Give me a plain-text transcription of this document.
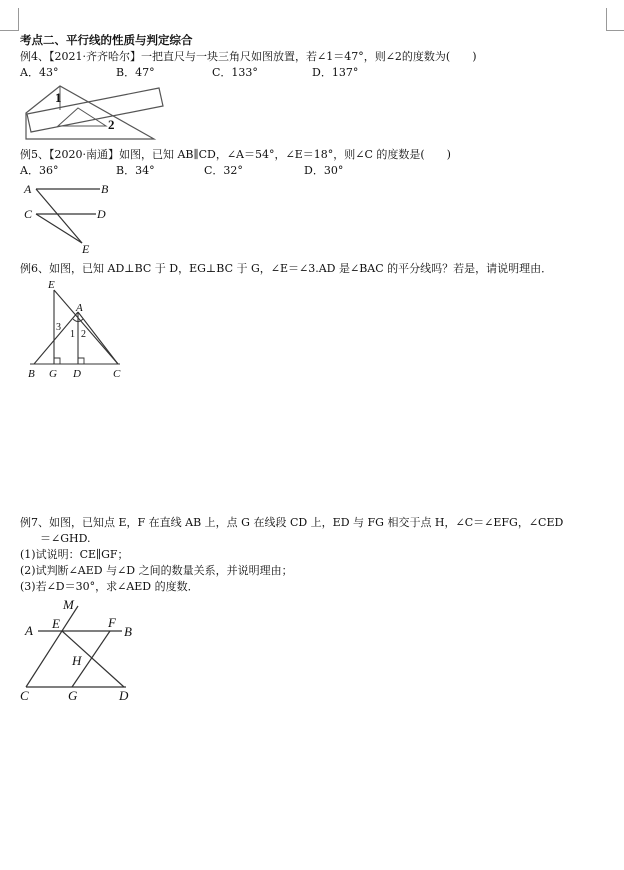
考点二、平行线的性质与判定综合
例4、【2021·齐齐哈尔】一把直尺与一块三角尺如图放置，若∠1＝47°，则∠2的度数为(　　)
A．43°	B．47°	C．133°	D．137°
1
2
例5、【2020·南通】如图，已知 AB∥CD，∠A＝54°，∠E＝18°，则∠C 的度数是(　　)
A．36°	B．34°	C．32°	D．30°
A	B
C	D
E
例6、如图，已知 AD⊥BC 于 D，EG⊥BC 于 G，∠E＝∠3.AD 是∠BAC 的平分线吗？若是，请说明理由．
E
A
3
1 2
B G D	C
例7、如图，已知点 E，F 在直线 AB 上，点 G 在线段 CD 上，ED 与 FG 相交于点 H，∠C＝∠EFG，∠CED
＝∠GHD.
(1)试说明：CE∥GF；
(2)试判断∠AED 与∠D 之间的数量关系，并说明理由；
(3)若∠D＝30°，求∠AED 的度数．
M
A E	F
B
H
C	G	D
